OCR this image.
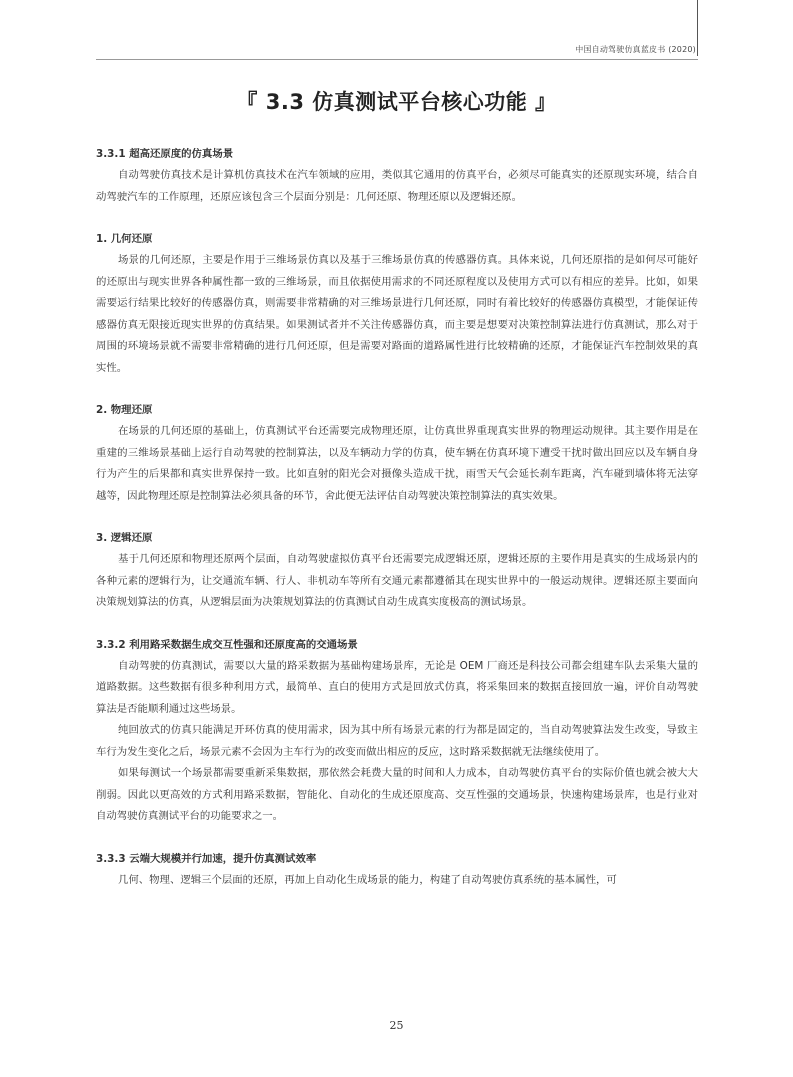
中国自动驾驶仿真蓝皮书 (2020)
『 3.3 仿真测试平台核心功能 』

3.3.1 超高还原度的仿真场景

自动驾驶仿真技术是计算机仿真技术在汽车领域的应用，类似其它通用的仿真平台，必须尽可能真实的还原现实环境，结合自动驾驶汽车的工作原理，还原应该包含三个层面分别是：几何还原、物理还原以及逻辑还原。

1. 几何还原

场景的几何还原，主要是作用于三维场景仿真以及基于三维场景仿真的传感器仿真。具体来说，几何还原指的是如何尽可能好的还原出与现实世界各种属性都一致的三维场景，而且依据使用需求的不同还原程度以及使用方式可以有相应的差异。比如，如果需要运行结果比较好的传感器仿真，则需要非常精确的对三维场景进行几何还原，同时有着比较好的传感器仿真模型，才能保证传感器仿真无限接近现实世界的仿真结果。如果测试者并不关注传感器仿真，而主要是想要对决策控制算法进行仿真测试，那么对于周围的环境场景就不需要非常精确的进行几何还原，但是需要对路面的道路属性进行比较精确的还原，才能保证汽车控制效果的真实性。

2. 物理还原

在场景的几何还原的基础上，仿真测试平台还需要完成物理还原，让仿真世界重现真实世界的物理运动规律。其主要作用是在重建的三维场景基础上运行自动驾驶的控制算法，以及车辆动力学的仿真，使车辆在仿真环境下遭受干扰时做出回应以及车辆自身行为产生的后果都和真实世界保持一致。比如直射的阳光会对摄像头造成干扰，雨雪天气会延长刹车距离，汽车碰到墙体将无法穿越等，因此物理还原是控制算法必须具备的环节，舍此便无法评估自动驾驶决策控制算法的真实效果。

3. 逻辑还原

基于几何还原和物理还原两个层面，自动驾驶虚拟仿真平台还需要完成逻辑还原，逻辑还原的主要作用是真实的生成场景内的各种元素的逻辑行为，让交通流车辆、行人、非机动车等所有交通元素都遵循其在现实世界中的一般运动规律。逻辑还原主要面向决策规划算法的仿真，从逻辑层面为决策规划算法的仿真测试自动生成真实度极高的测试场景。

3.3.2 利用路采数据生成交互性强和还原度高的交通场景

自动驾驶的仿真测试，需要以大量的路采数据为基础构建场景库，无论是 OEM 厂商还是科技公司都会组建车队去采集大量的道路数据。这些数据有很多种利用方式，最简单、直白的使用方式是回放式仿真，将采集回来的数据直接回放一遍，评价自动驾驶算法是否能顺利通过这些场景。

纯回放式的仿真只能满足开环仿真的使用需求，因为其中所有场景元素的行为都是固定的，当自动驾驶算法发生改变，导致主车行为发生变化之后，场景元素不会因为主车行为的改变而做出相应的反应，这时路采数据就无法继续使用了。

如果每测试一个场景都需要重新采集数据，那依然会耗费大量的时间和人力成本，自动驾驶仿真平台的实际价值也就会被大大削弱。因此以更高效的方式利用路采数据，智能化、自动化的生成还原度高、交互性强的交通场景，快速构建场景库，也是行业对自动驾驶仿真测试平台的功能要求之一。

3.3.3 云端大规模并行加速，提升仿真测试效率

几何、物理、逻辑三个层面的还原，再加上自动化生成场景的能力，构建了自动驾驶仿真系统的基本属性，可

25
